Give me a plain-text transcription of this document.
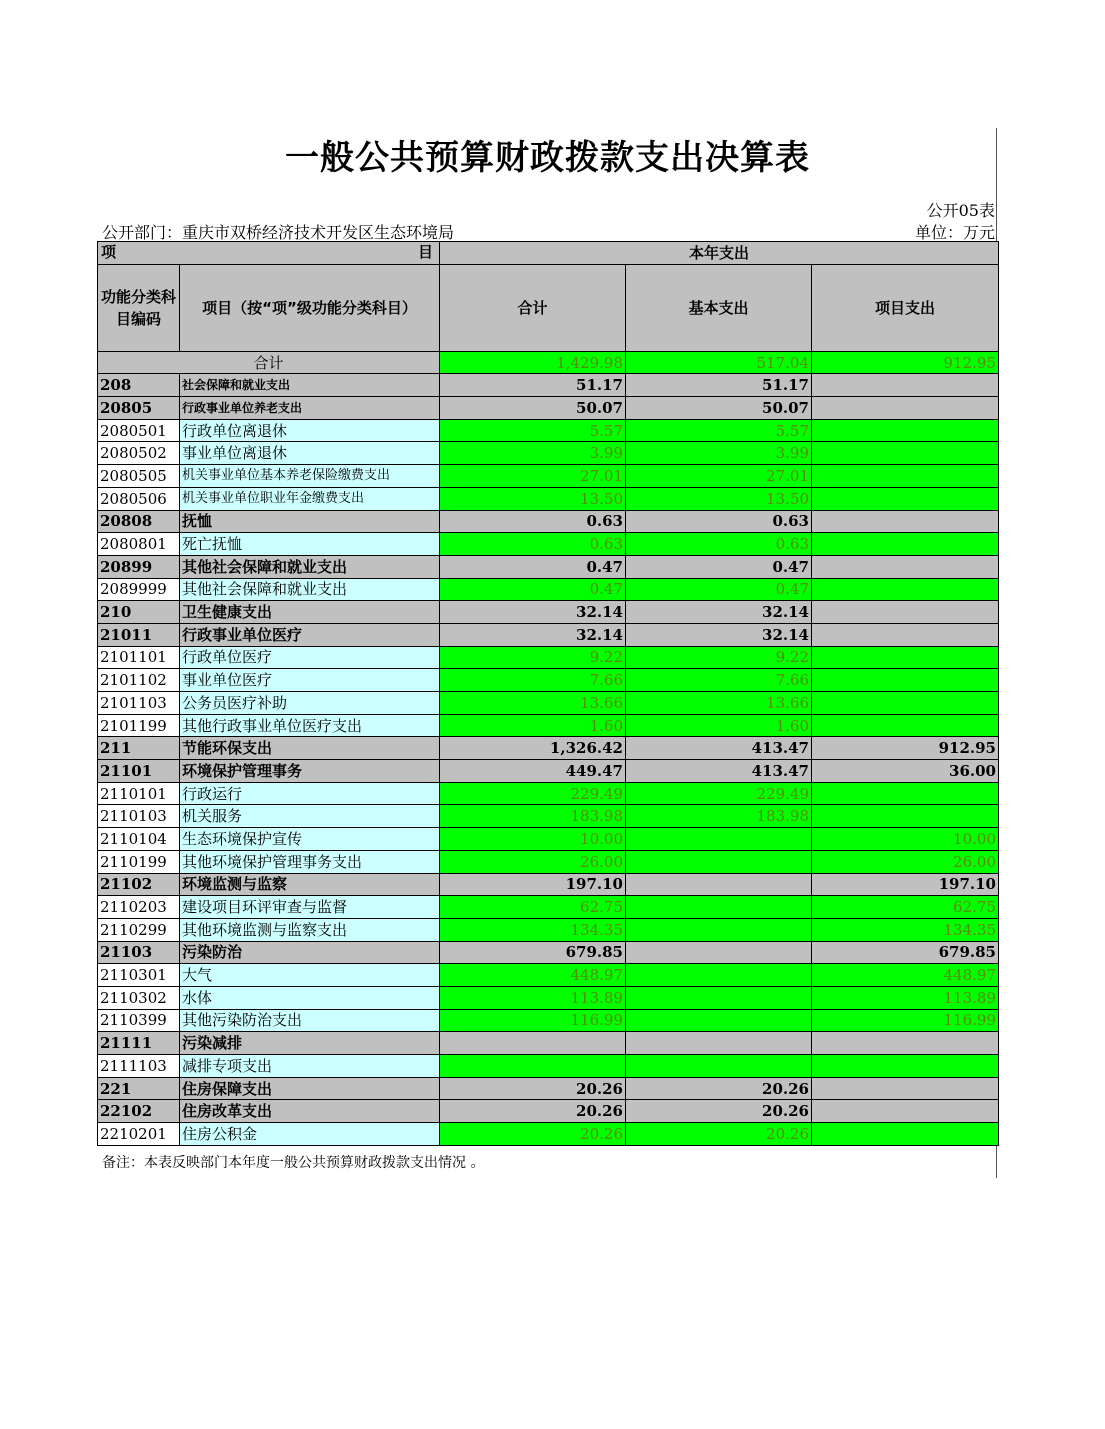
一般公共预算财政拨款支出决算表
公开05表
公开部门：重庆市双桥经济技术开发区生态环境局	单位：万元
项 目		本年支出		
功能分类科目编码	项目（按“项”级功能分类科目）	合计	基本支出	项目支出
合计		1,429.98	517.04	912.95
208	社会保障和就业支出	51.17	51.17	
20805	行政事业单位养老支出	50.07	50.07	
2080501	行政单位离退休	5.57	5.57	
2080502	事业单位离退休	3.99	3.99	
2080505	机关事业单位基本养老保险缴费支出	27.01	27.01	
2080506	机关事业单位职业年金缴费支出	13.50	13.50	
20808	抚恤	0.63	0.63	
2080801	死亡抚恤	0.63	0.63	
20899	其他社会保障和就业支出	0.47	0.47	
2089999	其他社会保障和就业支出	0.47	0.47	
210	卫生健康支出	32.14	32.14	
21011	行政事业单位医疗	32.14	32.14	
2101101	行政单位医疗	9.22	9.22	
2101102	事业单位医疗	7.66	7.66	
2101103	公务员医疗补助	13.66	13.66	
2101199	其他行政事业单位医疗支出	1.60	1.60	
211	节能环保支出	1,326.42	413.47	912.95
21101	环境保护管理事务	449.47	413.47	36.00
2110101	行政运行	229.49	229.49	
2110103	机关服务	183.98	183.98	
2110104	生态环境保护宣传	10.00		10.00
2110199	其他环境保护管理事务支出	26.00		26.00
21102	环境监测与监察	197.10		197.10
2110203	建设项目环评审查与监督	62.75		62.75
2110299	其他环境监测与监察支出	134.35		134.35
21103	污染防治	679.85		679.85
2110301	大气	448.97		448.97
2110302	水体	113.89		113.89
2110399	其他污染防治支出	116.99		116.99
21111	污染减排			
2111103	减排专项支出			
221	住房保障支出	20.26	20.26	
22102	住房改革支出	20.26	20.26	
2210201	住房公积金	20.26	20.26	
备注：本表反映部门本年度一般公共预算财政拨款支出情况 。
